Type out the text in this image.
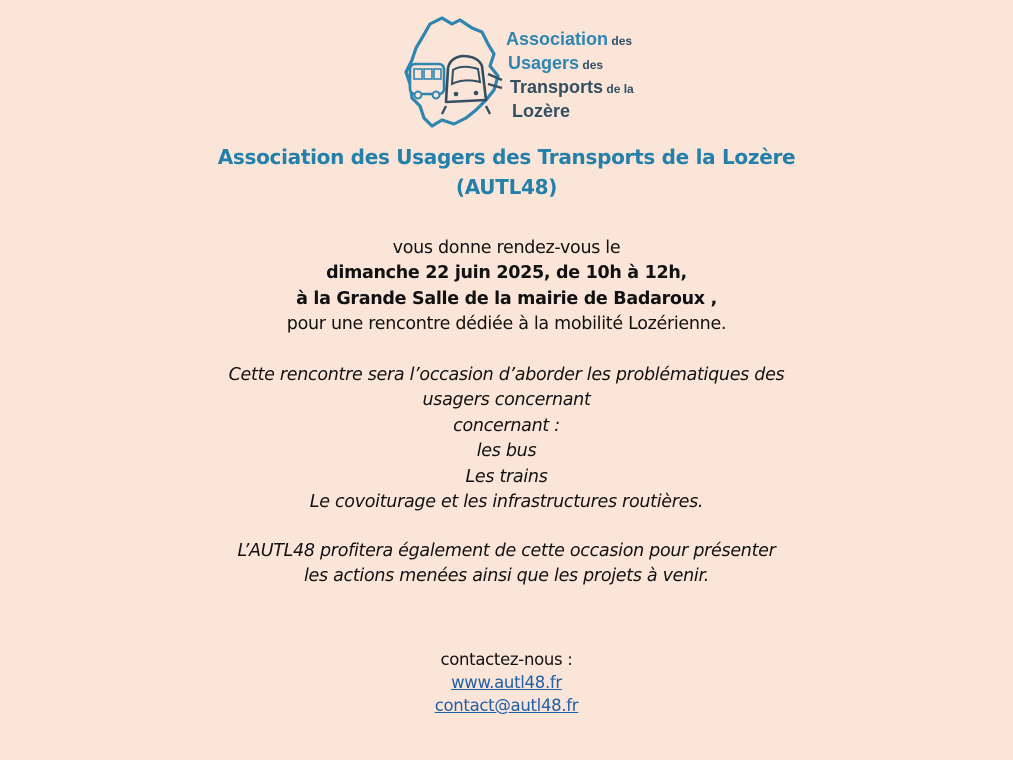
Association des
Usagers des
Transports de la
Lozère
Association des Usagers des Transports de la Lozère
(AUTL48)
vous donne rendez-vous le
dimanche 22 juin 2025, de 10h à 12h,
à la Grande Salle de la mairie de Badaroux ,
pour une rencontre dédiée à la mobilité Lozérienne.
Cette rencontre sera l’occasion d’aborder les problématiques des
usagers concernant
concernant :
les bus
Les trains
Le covoiturage et les infrastructures routières.
L’AUTL48 profitera également de cette occasion pour présenter
les actions menées ainsi que les projets à venir.
contactez-nous :
www.autl48.fr
contact@autl48.fr
